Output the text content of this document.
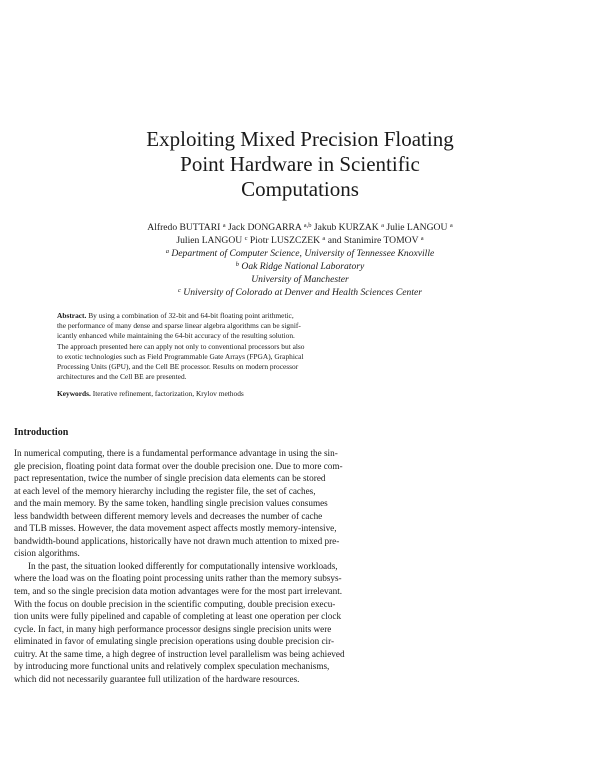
Exploiting Mixed Precision Floating
Point Hardware in Scientific
Computations
Alfredo BUTTARI $^a$ Jack DONGARRA $^{a,b}$ Jakub KURZAK $^a$ Julie LANGOU $^a$
Julien LANGOU $^c$ Piotr LUSZCZEK $^a$ and Stanimire TOMOV $^a$
$^a$ Department of Computer Science, University of Tennessee Knoxville
$^b$ Oak Ridge National Laboratory
University of Manchester
$^c$ University of Colorado at Denver and Health Sciences Center
Abstract. By using a combination of 32-bit and 64-bit floating point arithmetic,
the performance of many dense and sparse linear algebra algorithms can be signif-
icantly enhanced while maintaining the 64-bit accuracy of the resulting solution.
The approach presented here can apply not only to conventional processors but also
to exotic technologies such as Field Programmable Gate Arrays (FPGA), Graphical
Processing Units (GPU), and the Cell BE processor. Results on modern processor
architectures and the Cell BE are presented.
Keywords. Iterative refinement, factorization, Krylov methods
Introduction
In numerical computing, there is a fundamental performance advantage in using the sin-
gle precision, floating point data format over the double precision one. Due to more com-
pact representation, twice the number of single precision data elements can be stored
at each level of the memory hierarchy including the register file, the set of caches,
and the main memory. By the same token, handling single precision values consumes
less bandwidth between different memory levels and decreases the number of cache
and TLB misses. However, the data movement aspect affects mostly memory-intensive,
bandwidth-bound applications, historically have not drawn much attention to mixed pre-
cision algorithms.
In the past, the situation looked differently for computationally intensive workloads,
where the load was on the floating point processing units rather than the memory subsys-
tem, and so the single precision data motion advantages were for the most part irrelevant.
With the focus on double precision in the scientific computing, double precision execu-
tion units were fully pipelined and capable of completing at least one operation per clock
cycle. In fact, in many high performance processor designs single precision units were
eliminated in favor of emulating single precision operations using double precision cir-
cuitry. At the same time, a high degree of instruction level parallelism was being achieved
by introducing more functional units and relatively complex speculation mechanisms,
which did not necessarily guarantee full utilization of the hardware resources.
